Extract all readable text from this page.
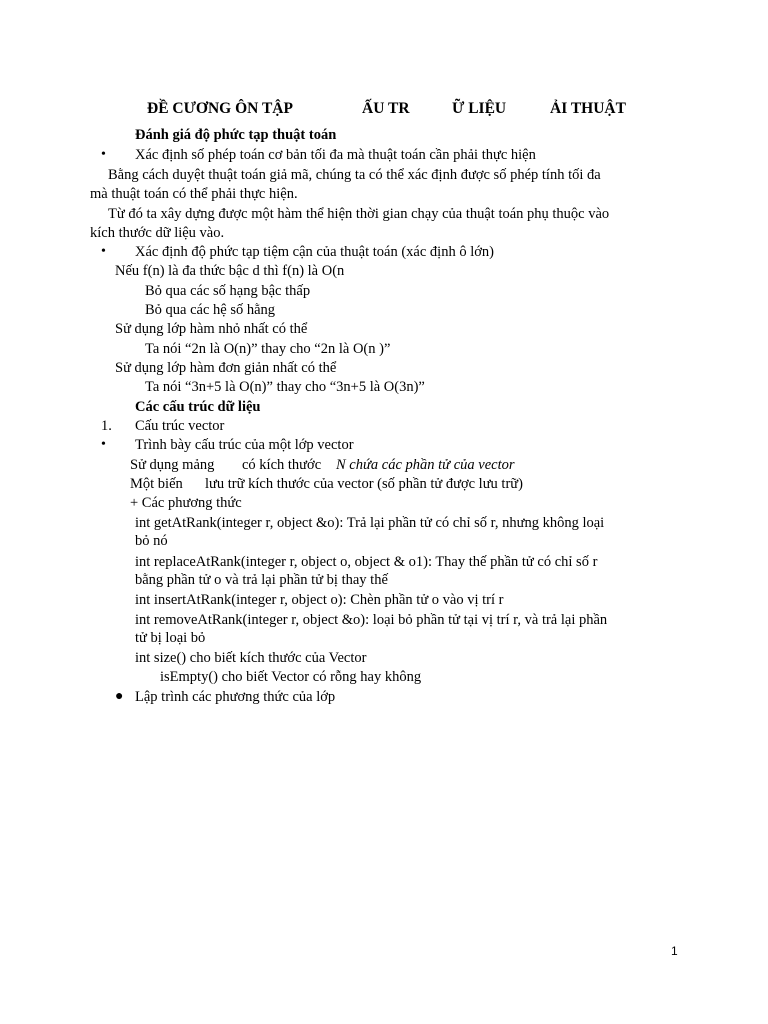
ĐỀ CƯƠNG ÔN TẬP	ẤU TR	Ữ LIỆU	ẢI THUẬT
Đánh giá độ phức tạp thuật toán
• Xác định số phép toán cơ bản tối đa mà thuật toán cần phải thực hiện
Bằng cách duyệt thuật toán giả mã, chúng ta có thể xác định được số phép tính tối đa
mà thuật toán có thể phải thực hiện.
Từ đó ta xây dựng được một hàm thể hiện thời gian chạy của thuật toán phụ thuộc vào
kích thước dữ liệu vào.
• Xác định độ phức tạp tiệm cận của thuật toán (xác định ô lớn)
Nếu f(n) là đa thức bậc d thì f(n) là O(n
Bỏ qua các số hạng bậc thấp
Bỏ qua các hệ số hằng
Sử dụng lớp hàm nhỏ nhất có thể
Ta nói “2n là O(n)” thay cho “2n là O(n )”
Sử dụng lớp hàm đơn giản nhất có thể
Ta nói “3n+5 là O(n)” thay cho “3n+5 là O(3n)”
Các cấu trúc dữ liệu
1. Cấu trúc vector
• Trình bày cấu trúc của một lớp vector
Sử dụng mảng có kích thước N chứa các phần tử của vector
Một biến lưu trữ kích thước của vector (số phần tử được lưu trữ)
+ Các phương thức
int getAtRank(integer r, object &o): Trả lại phần tử có chỉ số r, nhưng không loại
bỏ nó
int replaceAtRank(integer r, object o, object & o1): Thay thế phần tử có chỉ số r
bằng phần tử o và trả lại phần tử bị thay thế
int insertAtRank(integer r, object o): Chèn phần tử o vào vị trí r
int removeAtRank(integer r, object &o): loại bỏ phần tử tại vị trí r, và trả lại phần
tử bị loại bỏ
int size() cho biết kích thước của Vector
isEmpty() cho biết Vector có rỗng hay không
● Lập trình các phương thức của lớp
1
